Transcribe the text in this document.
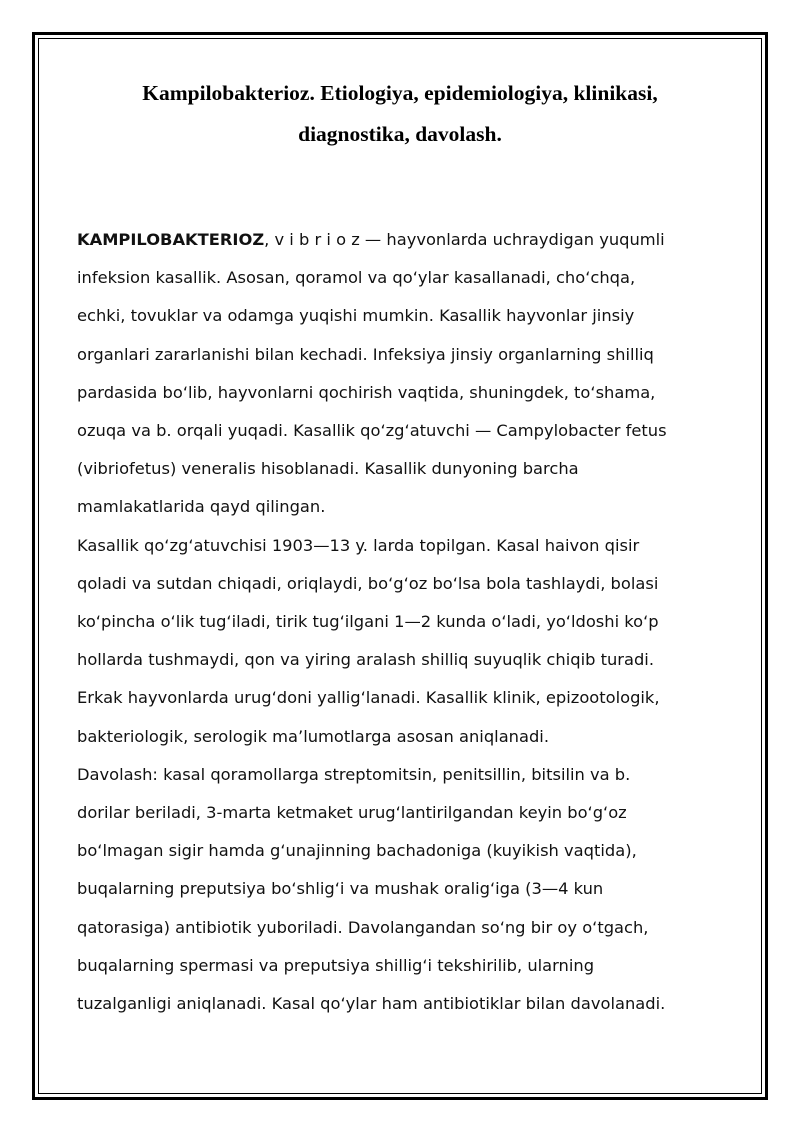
Kampilobakterioz. Etiologiya, epidemiologiya, klinikasi,
diagnostika, davolash.
KAMPILOBAKTERIOZ, v i b r i o z — hayvonlarda uchraydigan yuqumli
infeksion kasallik. Asosan, qoramol va qo‘ylar kasallanadi, cho‘chqa,
echki, tovuklar va odamga yuqishi mumkin. Kasallik hayvonlar jinsiy
organlari zararlanishi bilan kechadi. Infeksiya jinsiy organlarning shilliq
pardasida bo‘lib, hayvonlarni qochirish vaqtida, shuningdek, to‘shama,
ozuqa va b. orqali yuqadi. Kasallik qo‘zg‘atuvchi — Campylobacter fetus
(vibriofetus) veneralis hisoblanadi. Kasallik dunyoning barcha
mamlakatlarida qayd qilingan.
Kasallik qo‘zg‘atuvchisi 1903—13 y. larda topilgan. Kasal haivon qisir
qoladi va sutdan chiqadi, oriqlaydi, bo‘g‘oz bo‘lsa bola tashlaydi, bolasi
ko‘pincha o‘lik tug‘iladi, tirik tug‘ilgani 1—2 kunda o‘ladi, yo‘ldoshi ko‘p
hollarda tushmaydi, qon va yiring aralash shilliq suyuqlik chiqib turadi.
Erkak hayvonlarda urug‘doni yallig‘lanadi. Kasallik klinik, epizootologik,
bakteriologik, serologik ma’lumotlarga asosan aniqlanadi.
Davolash: kasal qoramollarga streptomitsin, penitsillin, bitsilin va b.
dorilar beriladi, 3-marta ketmaket urug‘lantirilgandan keyin bo‘g‘oz
bo‘lmagan sigir hamda g‘unajinning bachadoniga (kuyikish vaqtida),
buqalarning preputsiya bo‘shlig‘i va mushak oralig‘iga (3—4 kun
qatorasiga) antibiotik yuboriladi. Davolangandan so‘ng bir oy o‘tgach,
buqalarning spermasi va preputsiya shillig‘i tekshirilib, ularning
tuzalganligi aniqlanadi. Kasal qo‘ylar ham antibiotiklar bilan davolanadi.
